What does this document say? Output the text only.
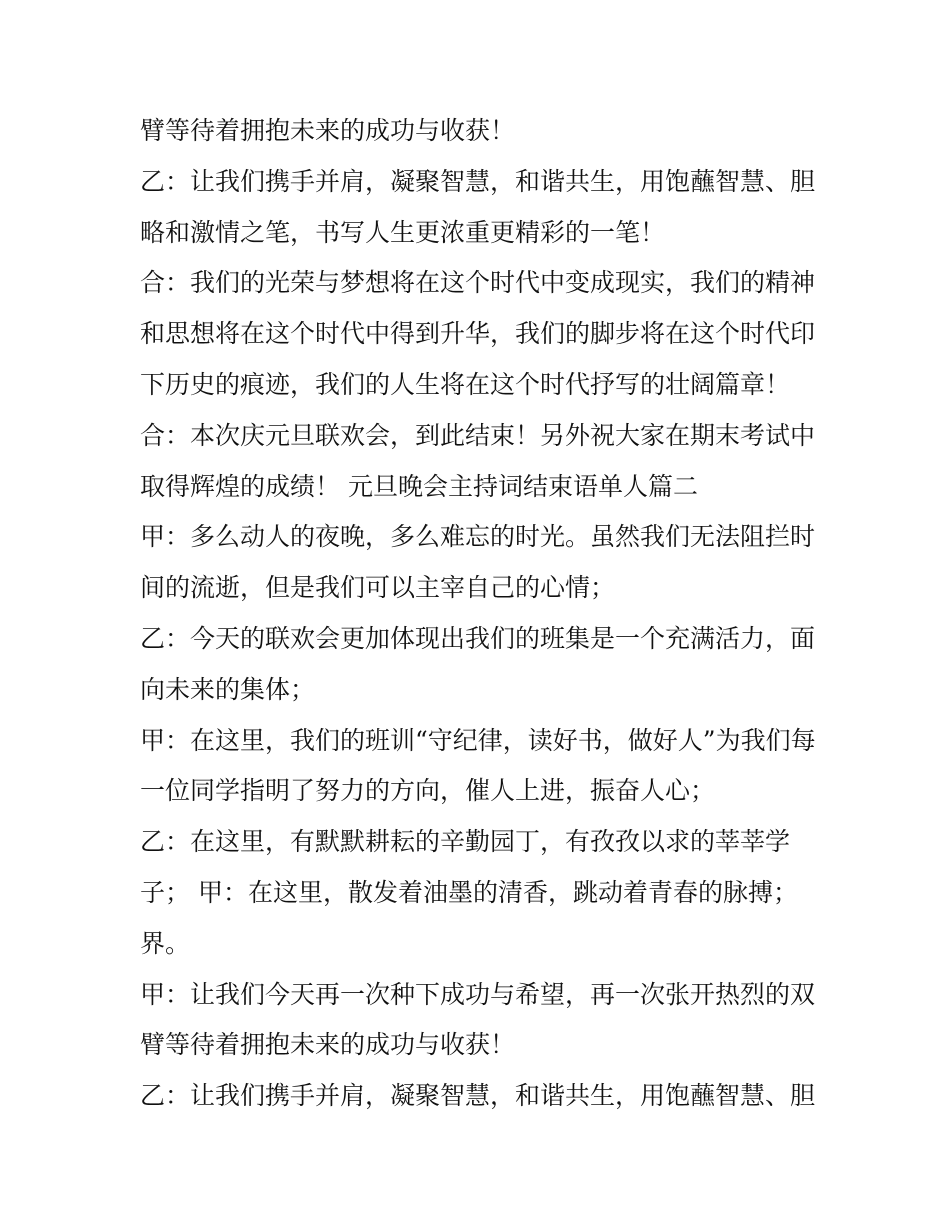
臂等待着拥抱未来的成功与收获！
乙：让我们携手并肩，凝聚智慧，和谐共生，用饱蘸智慧、胆
略和激情之笔，书写人生更浓重更精彩的一笔！
合：我们的光荣与梦想将在这个时代中变成现实，我们的精神
和思想将在这个时代中得到升华，我们的脚步将在这个时代印
下历史的痕迹，我们的人生将在这个时代抒写的壮阔篇章！
合：本次庆元旦联欢会，到此结束！另外祝大家在期末考试中
取得辉煌的成绩！ 元旦晚会主持词结束语单人篇二
甲：多么动人的夜晚，多么难忘的时光。虽然我们无法阻拦时
间的流逝，但是我们可以主宰自己的心情；
乙：今天的联欢会更加体现出我们的班集是一个充满活力，面
向未来的集体；
甲：在这里，我们的班训“守纪律，读好书，做好人”为我们每
一位同学指明了努力的方向，催人上进，振奋人心；
乙：在这里，有默默耕耘的辛勤园丁，有孜孜以求的莘莘学
子； 甲：在这里，散发着油墨的清香，跳动着青春的脉搏；
界。
甲：让我们今天再一次种下成功与希望，再一次张开热烈的双
臂等待着拥抱未来的成功与收获！
乙：让我们携手并肩，凝聚智慧，和谐共生，用饱蘸智慧、胆
